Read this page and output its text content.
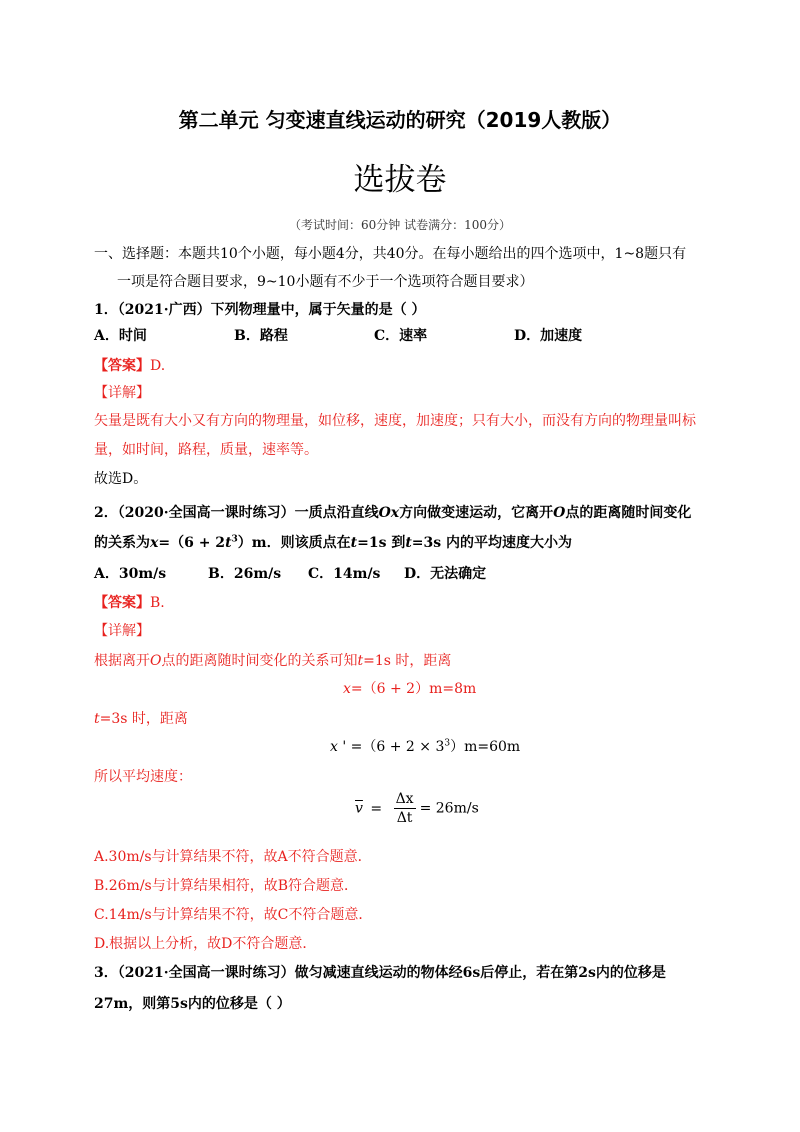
第二单元 匀变速直线运动的研究（2019人教版）
选拔卷
（考试时间：60分钟 试卷满分：100分）
一、选择题：本题共10个小题，每小题4分，共40分。在每小题给出的四个选项中，1~8题只有
一项是符合题目要求，9~10小题有不少于一个选项符合题目要求）
1．（2021·广西）下列物理量中，属于矢量的是（ ）
A．时间	B．路程	C．速率	D．加速度
【答案】D.
【详解】
矢量是既有大小又有方向的物理量，如位移，速度，加速度；只有大小，而没有方向的物理量叫标
量，如时间，路程，质量，速率等。
故选D。
2．（2020·全国高一课时练习）一质点沿直线Ox方向做变速运动，它离开O点的距离随时间变化
的关系为$x=(6 + 2t^3)m$．则该质点在t=1s 到t=3s 内的平均速度大小为
A．30m/s	B．26m/s C．14m/s D．无法确定
【答案】B.
【详解】
根据离开O点的距离随时间变化的关系可知t=1s 时，距离
x=（6 + 2）m=8m
t=3s 时，距离
x ' $=(6 + 2 \times 3^3)m=60m$
所以平均速度：
$\overline{v} = \frac{\Delta x}{\Delta t} = 26m/s$
A.30m/s与计算结果不符，故A不符合题意．
B.26m/s与计算结果相符，故B符合题意．
C.14m/s与计算结果不符，故C不符合题意．
D.根据以上分析，故D不符合题意．
3．（2021·全国高一课时练习）做匀减速直线运动的物体经6s后停止，若在第2s内的位移是
27m，则第5s内的位移是（ ）
